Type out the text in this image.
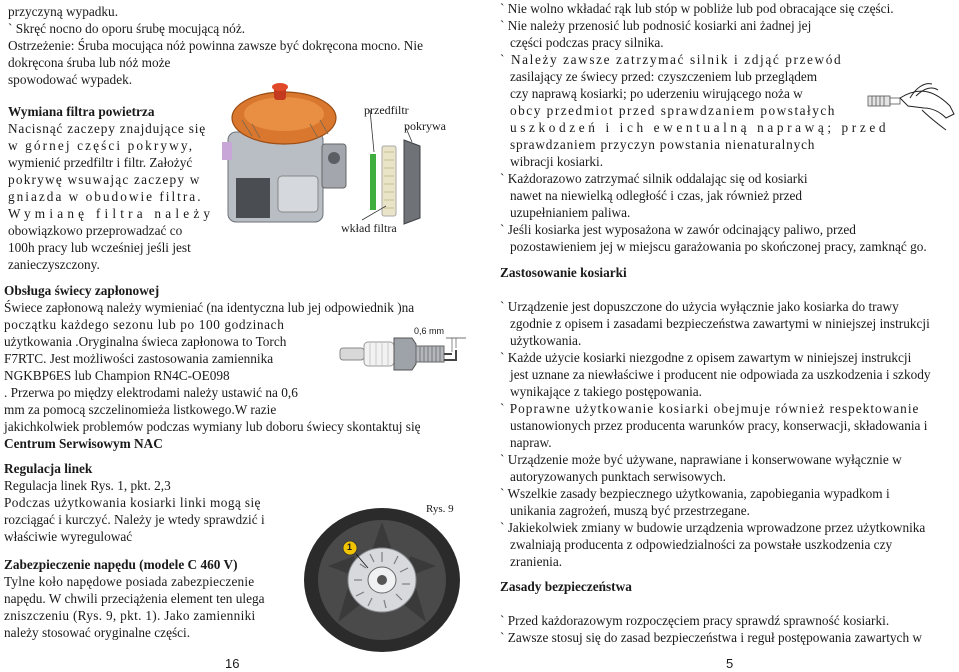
przyczyną wypadku.
` Skręć nocno do oporu śrubę mocującą nóż.
Ostrzeżenie: Śruba mocująca nóż powinna zawsze być dokręcona mocno. Nie
dokręcona śruba lub nóż może
spowodować wypadek.
Wymiana filtra powietrza
Nacisnąć zaczepy znajdujące się
w górnej części pokrywy,
wymienić przedfiltr i filtr. Założyć
pokrywę wsuwając zaczepy w
gniazda w obudowie filtra.
Wymianę filtra należy
obowiązkowo przeprowadzać co
100h pracy lub wcześniej jeśli jest
zanieczyszczony.
przedfiltr
pokrywa
wkład filtra
Obsługa świecy zapłonowej
Świece zapłonową należy wymieniać (na identyczna lub jej odpowiednik )na
początku każdego sezonu lub po 100 godzinach
użytkowania .Oryginalna świeca zapłonowa to Torch
F7RTC. Jest możliwości zastosowania zamiennika
NGKBP6ES lub Champion RN4C-OE098
. Przerwa po między elektrodami należy ustawić na 0,6
mm za pomocą szczelinomieża listkowego.W razie
jakichkolwiek problemów podczas wymiany lub doboru świecy skontaktuj się
Centrum Serwisowym NAC
0,6 mm
Regulacja linek
Regulacja linek Rys. 1, pkt. 2,3
Podczas użytkowania kosiarki linki mogą się
rozciągać i kurczyć. Należy je wtedy sprawdzić i
właściwie wyregulować
Zabezpieczenie napędu (modele C 460 V)
Tylne koło napędowe posiada zabezpieczenie
napędu. W chwili przeciążenia element ten ulega
zniszczeniu (Rys. 9, pkt. 1). Jako zamienniki
należy stosować oryginalne części.
1
Rys. 9
16
` Nie wolno wkładać rąk lub stóp w pobliże lub pod obracające się części.
` Nie należy przenosić lub podnosić kosiarki ani żadnej jej
części podczas pracy silnika.
` Należy zawsze zatrzymać silnik i zdjąć przewód
zasilający ze świecy przed: czyszczeniem lub przeglądem
czy naprawą kosiarki; po uderzeniu wirującego noża w
obcy przedmiot przed sprawdzaniem powstałych
uszkodzeń i ich ewentualną naprawą; przed
sprawdzaniem przyczyn powstania nienaturalnych
wibracji kosiarki.
` Każdorazowo zatrzymać silnik oddalając się od kosiarki
nawet na niewielką odległość i czas, jak również przed
uzupełnianiem paliwa.
` Jeśli kosiarka jest wyposażona w zawór odcinający paliwo, przed
pozostawieniem jej w miejscu garażowania po skończonej pracy, zamknąć go.
Zastosowanie kosiarki
` Urządzenie jest dopuszczone do użycia wyłącznie jako kosiarka do trawy
zgodnie z opisem i zasadami bezpieczeństwa zawartymi w niniejszej instrukcji
użytkowania.
` Każde użycie kosiarki niezgodne z opisem zawartym w niniejszej instrukcji
jest uznane za niewłaściwe i producent nie odpowiada za uszkodzenia i szkody
wynikające z takiego postępowania.
` Poprawne użytkowanie kosiarki obejmuje również respektowanie
ustanowionych przez producenta warunków pracy, konserwacji, składowania i
napraw.
` Urządzenie może być używane, naprawiane i konserwowane wyłącznie w
autoryzowanych punktach serwisowych.
` Wszelkie zasady bezpiecznego użytkowania, zapobiegania wypadkom i
unikania zagrożeń, muszą być przestrzegane.
` Jakiekolwiek zmiany w budowie urządzenia wprowadzone przez użytkownika
zwalniają producenta z odpowiedzialności za powstałe uszkodzenia czy
zranienia.
Zasady bezpieczeństwa
` Przed każdorazowym rozpoczęciem pracy sprawdź sprawność kosiarki.
` Zawsze stosuj się do zasad bezpieczeństwa i reguł postępowania zawartych w
5
